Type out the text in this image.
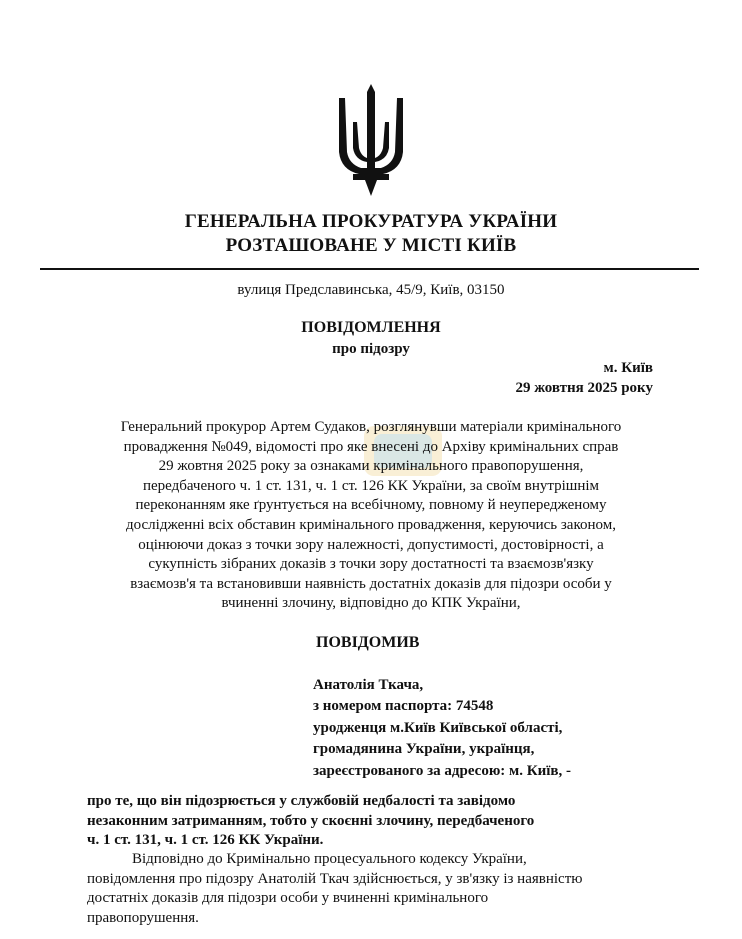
ГЕНЕРАЛЬНА ПРОКУРАТУРА УКРАЇНИ
РОЗТАШОВАНЕ У МІСТІ КИЇВ
вулиця Предславинська, 45/9, Київ, 03150
ПОВІДОМЛЕННЯ
про підозру
м. Київ
29 жовтня 2025 року
Генеральний прокурор Артем Судаков, розглянувши матеріали кримінального
провадження №049, відомості про яке внесені до Архіву кримінальних справ
29 жовтня 2025 року за ознаками кримінального правопорушення,
передбаченого ч. 1 ст. 131, ч. 1 ст. 126 КК України, за своїм внутрішнім
переконанням яке ґрунтується на всебічному, повному й неупередженому
дослідженні всіх обставин кримінального провадження, керуючись законом,
оцінюючи доказ з точки зору належності, допустимості, достовірності, а
сукупність зібраних доказів з точки зору достатності та взаємозв'язку
взаємозв'я та встановивши наявність достатніх доказів для підозри особи у
вчиненні злочину, відповідно до КПК України,
ПОВІДОМИВ
Анатолія Ткача,
з номером паспорта: 74548
уродженця м.Київ Київської області,
громадянина України, українця,
зареєстрованого за адресою: м. Київ, -
про те, що він підозрюється у службовій недбалості та завідомо
незаконним затриманням, тобто у скоєнні злочину, передбаченого
ч. 1 ст. 131, ч. 1 ст. 126 КК України.
Відповідно до Кримінально процесуального кодексу України,
повідомлення про підозру Анатолій Ткач здійснюється, у зв'язку із наявністю
достатніх доказів для підозри особи у вчиненні кримінального
правопорушення.
